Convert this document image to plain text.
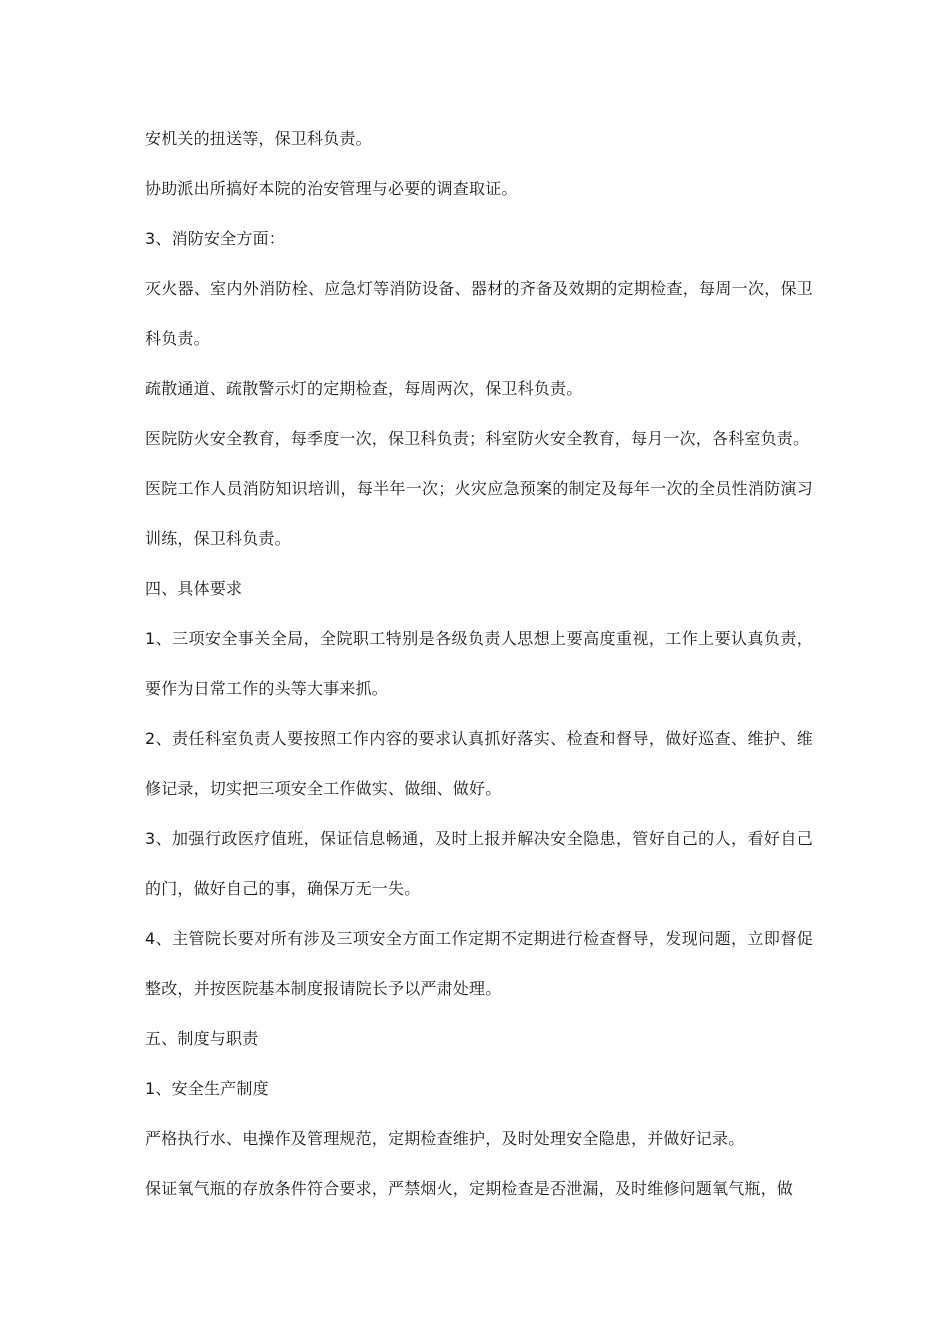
安机关的扭送等，保卫科负责。

协助派出所搞好本院的治安管理与必要的调查取证。

3、消防安全方面：

灭火器、室内外消防栓、应急灯等消防设备、器材的齐备及效期的定期检查，每周一次，保卫科负责。

疏散通道、疏散警示灯的定期检查，每周两次，保卫科负责。

医院防火安全教育，每季度一次，保卫科负责；科室防火安全教育，每月一次，各科室负责。

医院工作人员消防知识培训，每半年一次；火灾应急预案的制定及每年一次的全员性消防演习训练，保卫科负责。

四、具体要求

1、三项安全事关全局，全院职工特别是各级负责人思想上要高度重视，工作上要认真负责，要作为日常工作的头等大事来抓。

2、责任科室负责人要按照工作内容的要求认真抓好落实、检查和督导，做好巡查、维护、维修记录，切实把三项安全工作做实、做细、做好。

3、加强行政医疗值班，保证信息畅通，及时上报并解决安全隐患，管好自己的人，看好自己的门，做好自己的事，确保万无一失。

4、主管院长要对所有涉及三项安全方面工作定期不定期进行检查督导，发现问题，立即督促整改，并按医院基本制度报请院长予以严肃处理。

五、制度与职责

1、安全生产制度

严格执行水、电操作及管理规范，定期检查维护，及时处理安全隐患，并做好记录。

保证氧气瓶的存放条件符合要求，严禁烟火，定期检查是否泄漏，及时维修问题氧气瓶，做
